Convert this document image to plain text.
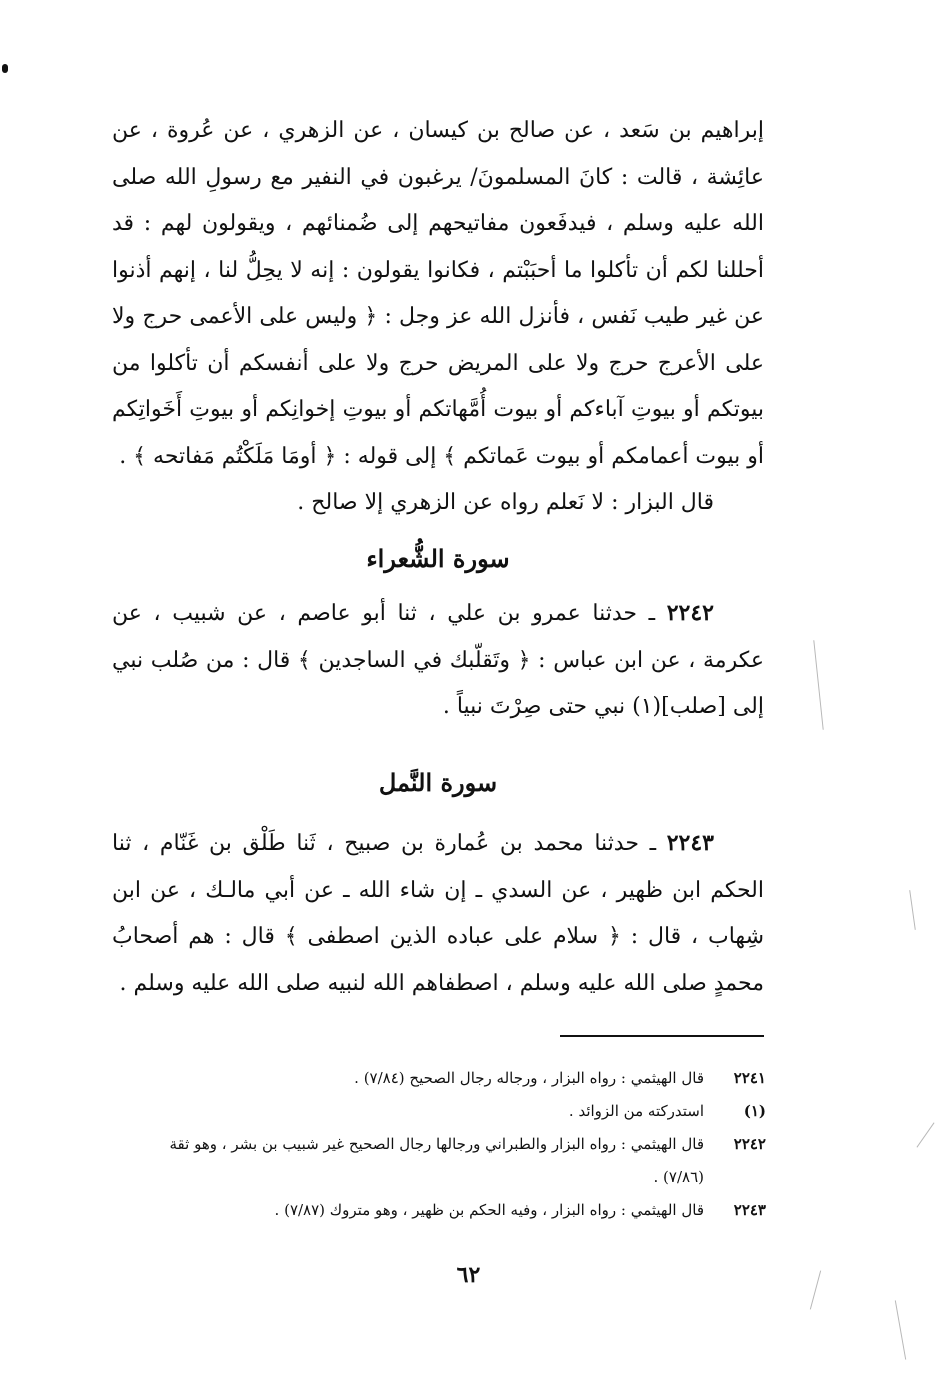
إبراهيم بن سَعد ، عن صالح بن كيسان ، عن الزهري ، عن عُروة ، عن عائِشة ، قالت : كانَ المسلمونَ/ يرغبون في النفير مع رسولِ الله صلى الله عليه وسلم ، فيدفَعون مفاتيحهم إلى ضُمنائهم ، ويقولون لهم : قد أحللنا لكم أن تأكلوا ما أحبَبْتم ، فكانوا يقولون : إنه لا يحِلُّ لنا ، إنهم أذنوا عن غير طيب نَفس ، فأنزل الله عز وجل : ﴿ وليس على الأعمى حرج ولا على الأعرج حرج ولا على المريض حرج ولا على أنفسكم أن تأكلوا من بيوتكم أو بيوتِ آباءكم أو بيوت أُمَّهاتكم أو بيوتِ إخوانِكم أو بيوتِ أَخَواتِكم أو بيوت أعمامكم أو بيوت عَماتكم ﴾ إلى قوله : ﴿ أومَا مَلَكْتُم مَفاتحه ﴾ .

قال البزار : لا نَعلم رواه عن الزهري إلا صالح .

سورة الشُّعراء

٢٢٤٢ ـ حدثنا عمرو بن علي ، ثنا أبو عاصم ، عن شبيب ، عن عكرمة ، عن ابن عباس : ﴿ وتَقلّبك في الساجدين ﴾ قال : من صُلب نبي إلى [صلب](١) نبي حتى صِرْتَ نبياً .

سورة النَّمل

٢٢٤٣ ـ حدثنا محمد بن عُمارة بن صبيح ، ثَنا طَلْق بن غَنّام ، ثنا الحكم ابن ظهير ، عن السدي ـ إن شاء الله ـ عن أبي مالـك ، عن ابن شِهاب ، قال : ﴿ سلام على عباده الذين اصطفى ﴾ قال : هم أصحابُ محمدٍ صلى الله عليه وسلم ، اصطفاهم الله لنبيه صلى الله عليه وسلم .

٢٢٤١
قال الهيثمي : رواه البزار ، ورجاله رجال الصحيح (٧/٨٤) .
(١)
استدركته من الزوائد .
٢٢٤٢
قال الهيثمي : رواه البزار والطبراني ورجالها رجال الصحيح غير شبيب بن بشر ، وهو ثقة (٧/٨٦) .
٢٢٤٣
قال الهيثمي : رواه البزار ، وفيه الحكم بن ظهير ، وهو متروك (٧/٨٧) .
٦٢
